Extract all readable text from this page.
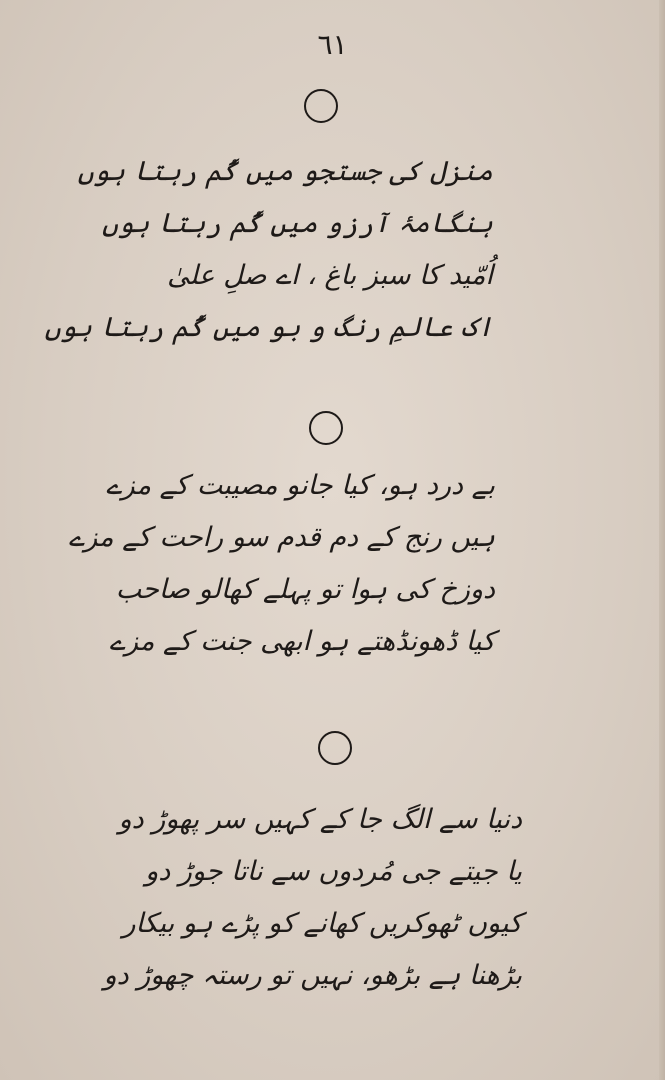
٦١
منزل کی جستجو میں گُم رہتا ہوں
ہنگامۂ آرزو میں گُم رہتا ہوں
اُمّید کا سبز باغ ، اے صلِ علیٰ
اک عالمِ رنگ و بو میں گُم رہتا ہوں
بے درد ہو، کیا جانو مصیبت کے مزے
ہیں رنج کے دم قدم سو راحت کے مزے
دوزخ کی ہوا تو پہلے کھالو صاحب
کیا ڈھونڈھتے ہو ابھی جنت کے مزے
دنیا سے الگ جا کے کہیں سر پھوڑ دو
یا جیتے جی مُردوں سے ناتا جوڑ دو
کیوں ٹھوکریں کھانے کو پڑے ہو بیکار
بڑھنا ہے بڑھو، نہیں تو رستہ چھوڑ دو
